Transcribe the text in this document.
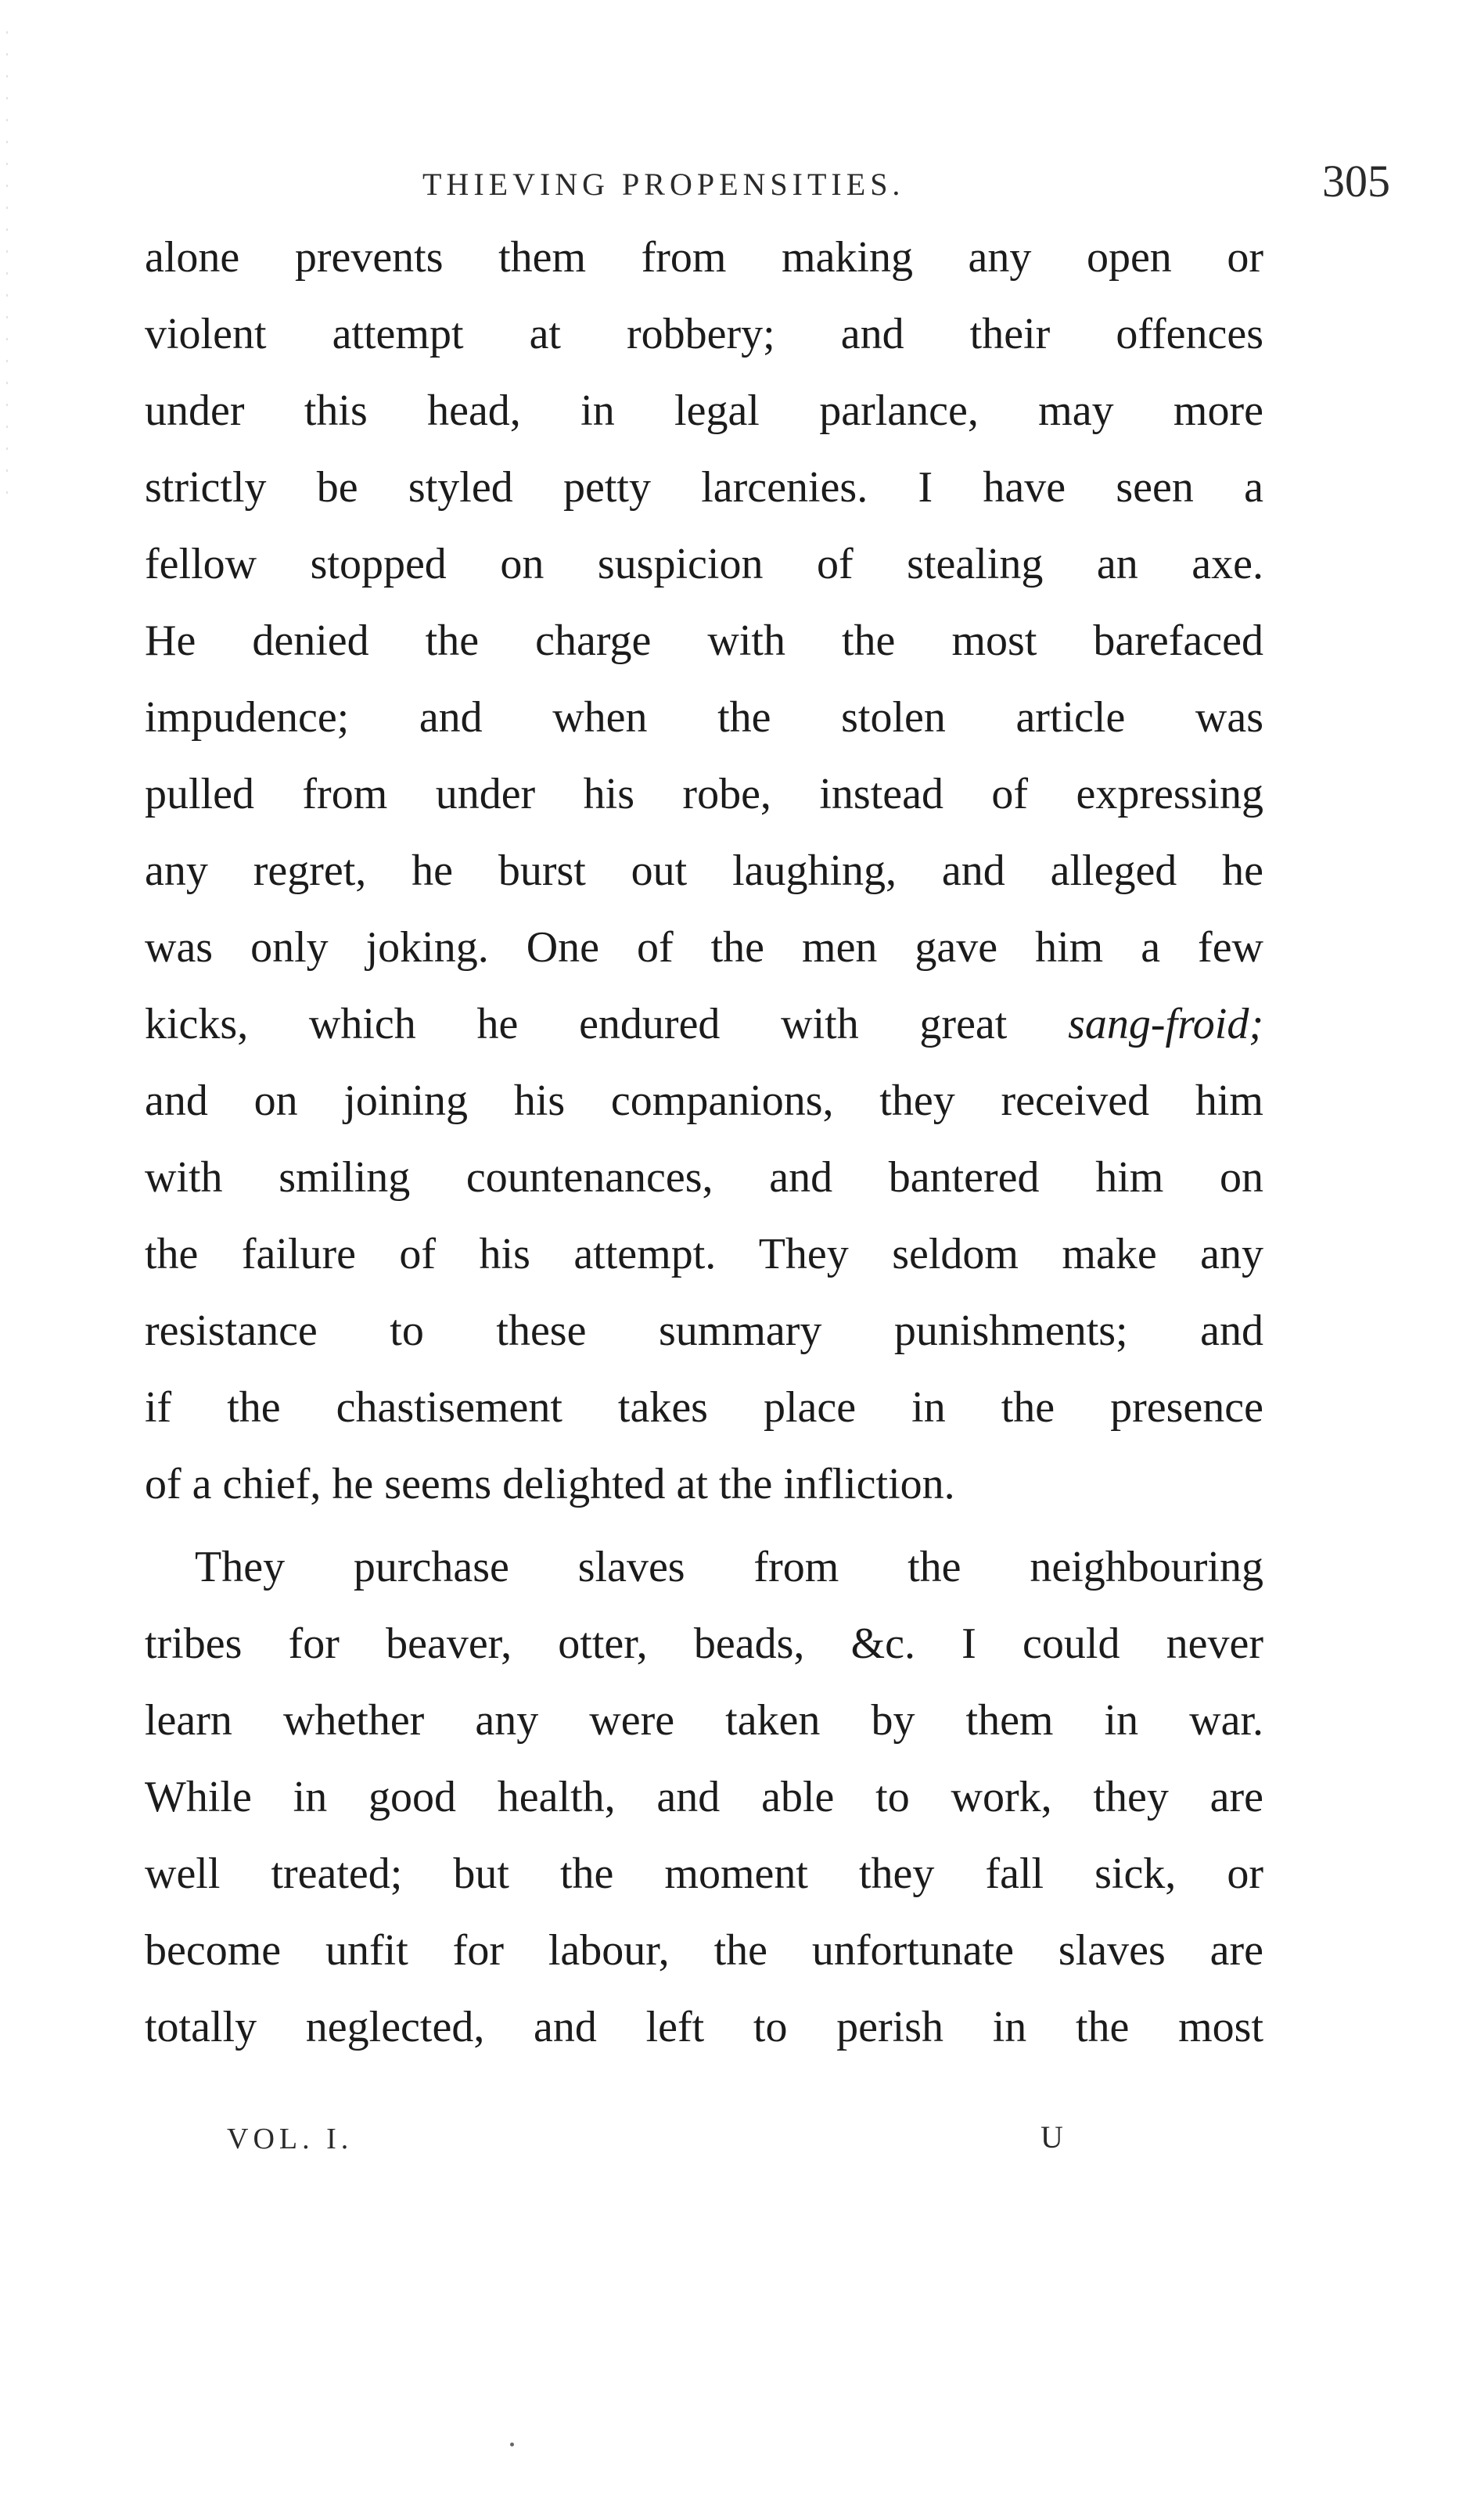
THIEVING PROPENSITIES.	305
alone prevents them from making any open or
violent attempt at robbery; and their offences
under this head, in legal parlance, may more
strictly be styled petty larcenies. I have seen a
fellow stopped on suspicion of stealing an axe.
He denied the charge with the most barefaced
impudence; and when the stolen article was
pulled from under his robe, instead of expressing
any regret, he burst out laughing, and alleged he
was only joking. One of the men gave him a few
kicks, which he endured with great sang-froid;
and on joining his companions, they received him
with smiling countenances, and bantered him on
the failure of his attempt. They seldom make any
resistance to these summary punishments; and
if the chastisement takes place in the presence
of a chief, he seems delighted at the infliction.
They purchase slaves from the neighbouring
tribes for beaver, otter, beads, &c. I could never
learn whether any were taken by them in war.
While in good health, and able to work, they are
well treated; but the moment they fall sick, or
become unfit for labour, the unfortunate slaves are
totally neglected, and left to perish in the most
VOL. I.	U
